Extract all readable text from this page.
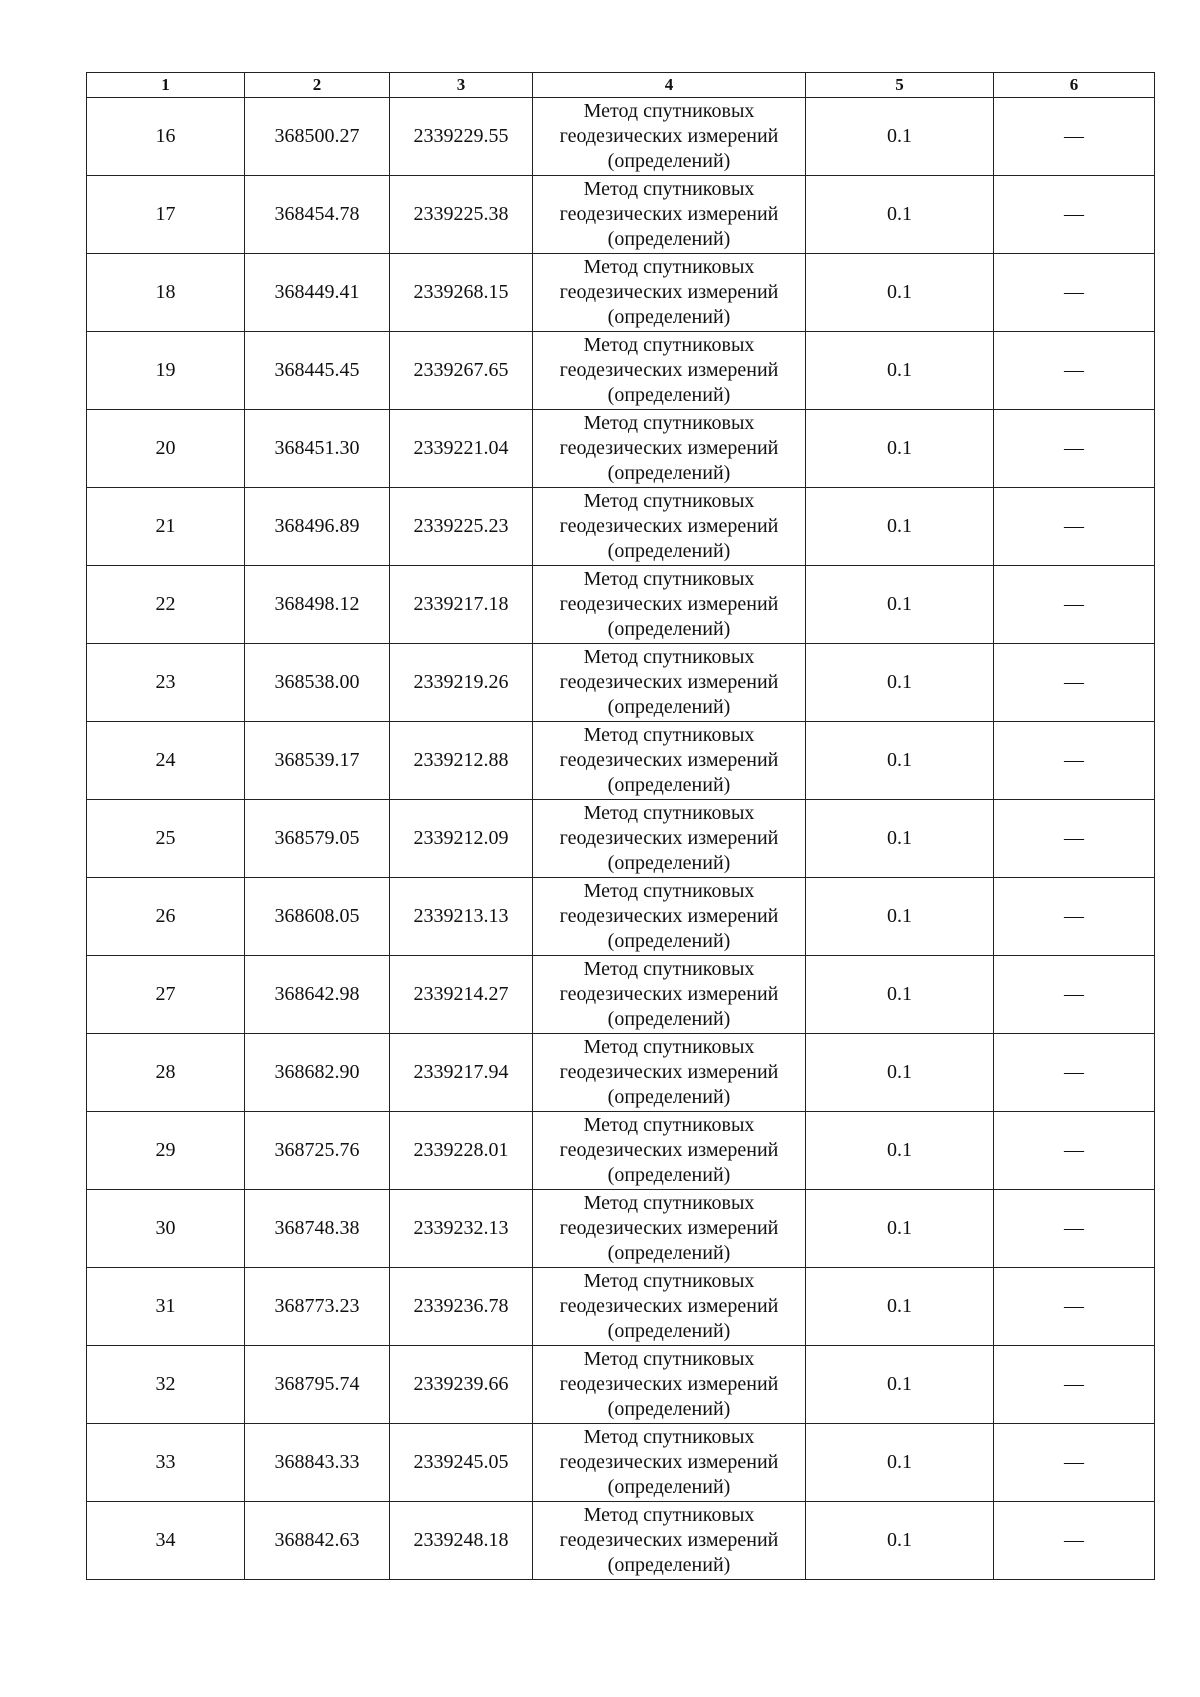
1	2	3	4	5	6
16	368500.27	2339229.55	Метод спутниковых
геодезических измерений
(определений)	0.1	—
17	368454.78	2339225.38	Метод спутниковых
геодезических измерений
(определений)	0.1	—
18	368449.41	2339268.15	Метод спутниковых
геодезических измерений
(определений)	0.1	—
19	368445.45	2339267.65	Метод спутниковых
геодезических измерений
(определений)	0.1	—
20	368451.30	2339221.04	Метод спутниковых
геодезических измерений
(определений)	0.1	—
21	368496.89	2339225.23	Метод спутниковых
геодезических измерений
(определений)	0.1	—
22	368498.12	2339217.18	Метод спутниковых
геодезических измерений
(определений)	0.1	—
23	368538.00	2339219.26	Метод спутниковых
геодезических измерений
(определений)	0.1	—
24	368539.17	2339212.88	Метод спутниковых
геодезических измерений
(определений)	0.1	—
25	368579.05	2339212.09	Метод спутниковых
геодезических измерений
(определений)	0.1	—
26	368608.05	2339213.13	Метод спутниковых
геодезических измерений
(определений)	0.1	—
27	368642.98	2339214.27	Метод спутниковых
геодезических измерений
(определений)	0.1	—
28	368682.90	2339217.94	Метод спутниковых
геодезических измерений
(определений)	0.1	—
29	368725.76	2339228.01	Метод спутниковых
геодезических измерений
(определений)	0.1	—
30	368748.38	2339232.13	Метод спутниковых
геодезических измерений
(определений)	0.1	—
31	368773.23	2339236.78	Метод спутниковых
геодезических измерений
(определений)	0.1	—
32	368795.74	2339239.66	Метод спутниковых
геодезических измерений
(определений)	0.1	—
33	368843.33	2339245.05	Метод спутниковых
геодезических измерений
(определений)	0.1	—
34	368842.63	2339248.18	Метод спутниковых
геодезических измерений
(определений)	0.1	—
